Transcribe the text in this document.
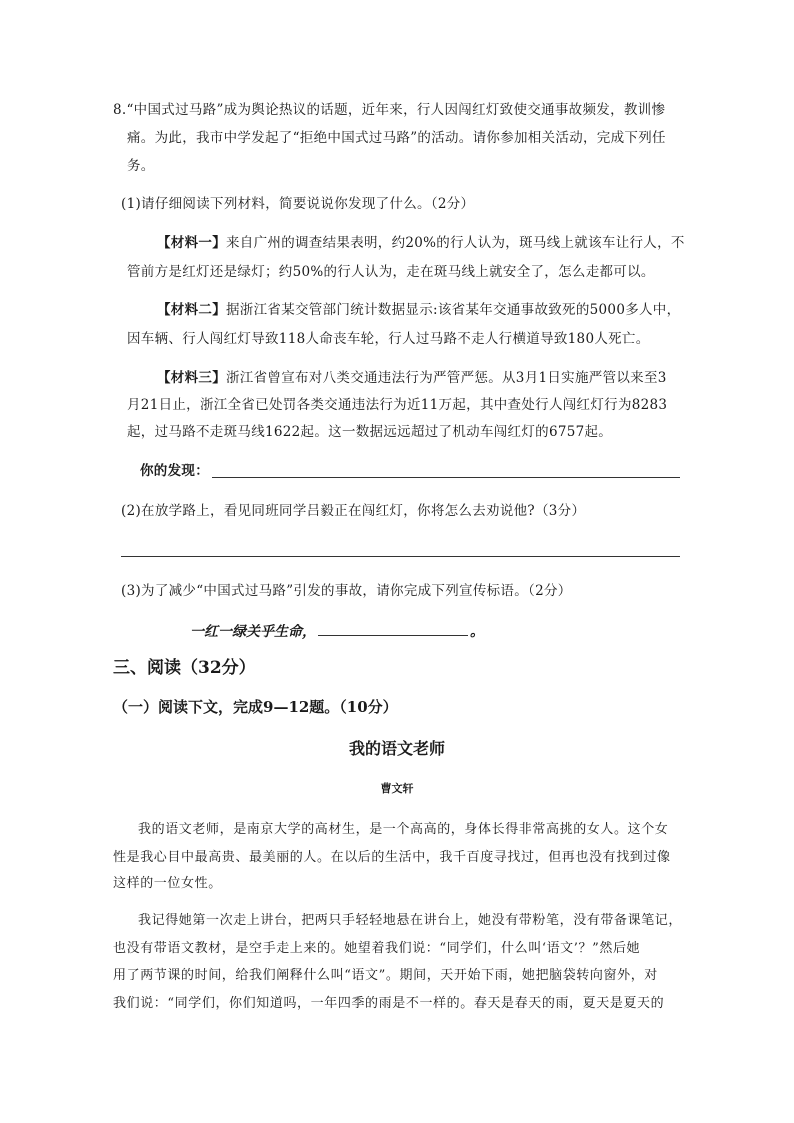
8.“中国式过马路”成为舆论热议的话题，近年来，行人因闯红灯致使交通事故频发，教训惨
痛。为此，我市中学发起了“拒绝中国式过马路”的活动。请你参加相关活动，完成下列任
务。
(1)请仔细阅读下列材料，简要说说你发现了什么。（2分）
【材料一】来自广州的调查结果表明，约20%的行人认为，斑马线上就该车让行人，不
管前方是红灯还是绿灯；约50%的行人认为，走在斑马线上就安全了，怎么走都可以。
【材料二】据浙江省某交管部门统计数据显示:该省某年交通事故致死的5000多人中，
因车辆、行人闯红灯导致118人命丧车轮，行人过马路不走人行横道导致180人死亡。
【材料三】浙江省曾宣布对八类交通违法行为严管严惩。从3月1日实施严管以来至3
月21日止，浙江全省已处罚各类交通违法行为近11万起，其中查处行人闯红灯行为8283
起，过马路不走斑马线1622起。这一数据远远超过了机动车闯红灯的6757起。
你的发现：
(2)在放学路上，看见同班同学吕毅正在闯红灯，你将怎么去劝说他?（3分）
(3)为了减少“中国式过马路”引发的事故，请你完成下列宣传标语。（2分）
一红一绿关乎生命，	。
三、阅读（32分）
（一）阅读下文，完成9—12题。（10分）
我的语文老师
曹文轩
我的语文老师，是南京大学的高材生，是一个高高的，身体长得非常高挑的女人。这个女
性是我心目中最高贵、最美丽的人。在以后的生活中，我千百度寻找过，但再也没有找到过像
这样的一位女性。
我记得她第一次走上讲台，把两只手轻轻地悬在讲台上，她没有带粉笔，没有带备课笔记，
也没有带语文教材，是空手走上来的。她望着我们说：“同学们，什么叫‘语文’？”然后她
用了两节课的时间，给我们阐释什么叫“语文”。期间，天开始下雨，她把脑袋转向窗外，对
我们说：“同学们，你们知道吗，一年四季的雨是不一样的。春天是春天的雨，夏天是夏天的
